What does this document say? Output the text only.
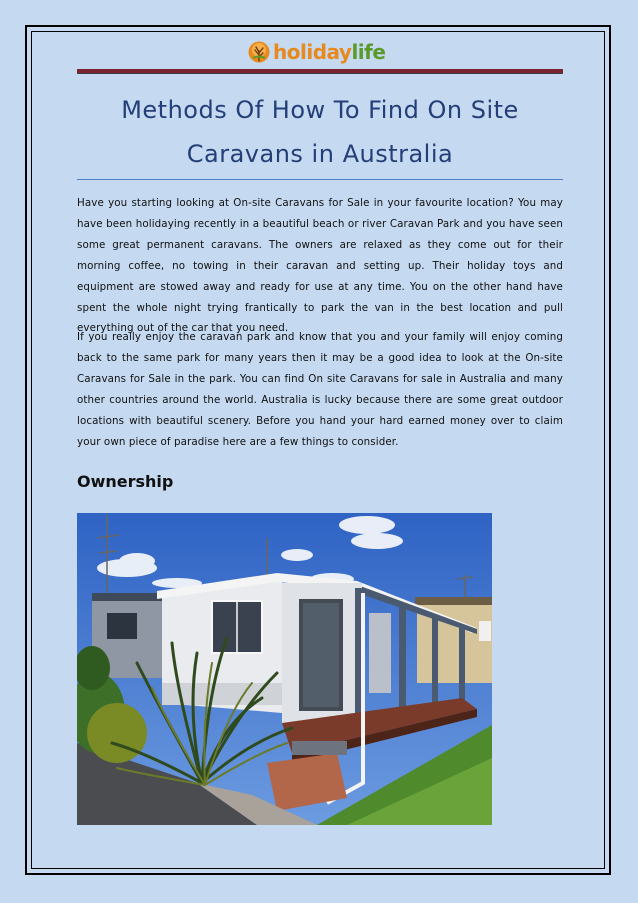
holidaylife
Methods Of How To Find On Site Caravans in Australia

Have you starting looking at On-site Caravans for Sale in your favourite location? You may have been holidaying recently in a beautiful beach or river Caravan Park and you have seen some great permanent caravans. The owners are relaxed as they come out for their morning coffee, no towing in their caravan and setting up. Their holiday toys and equipment are stowed away and ready for use at any time. You on the other hand have spent the whole night trying frantically to park the van in the best location and pull everything out of the car that you need.

If you really enjoy the caravan park and know that you and your family will enjoy coming back to the same park for many years then it may be a good idea to look at the On-site Caravans for Sale in the park. You can find On site Caravans for sale in Australia and many other countries around the world. Australia is lucky because there are some great outdoor locations with beautiful scenery. Before you hand your hard earned money over to claim your own piece of paradise here are a few things to consider.

Ownership
